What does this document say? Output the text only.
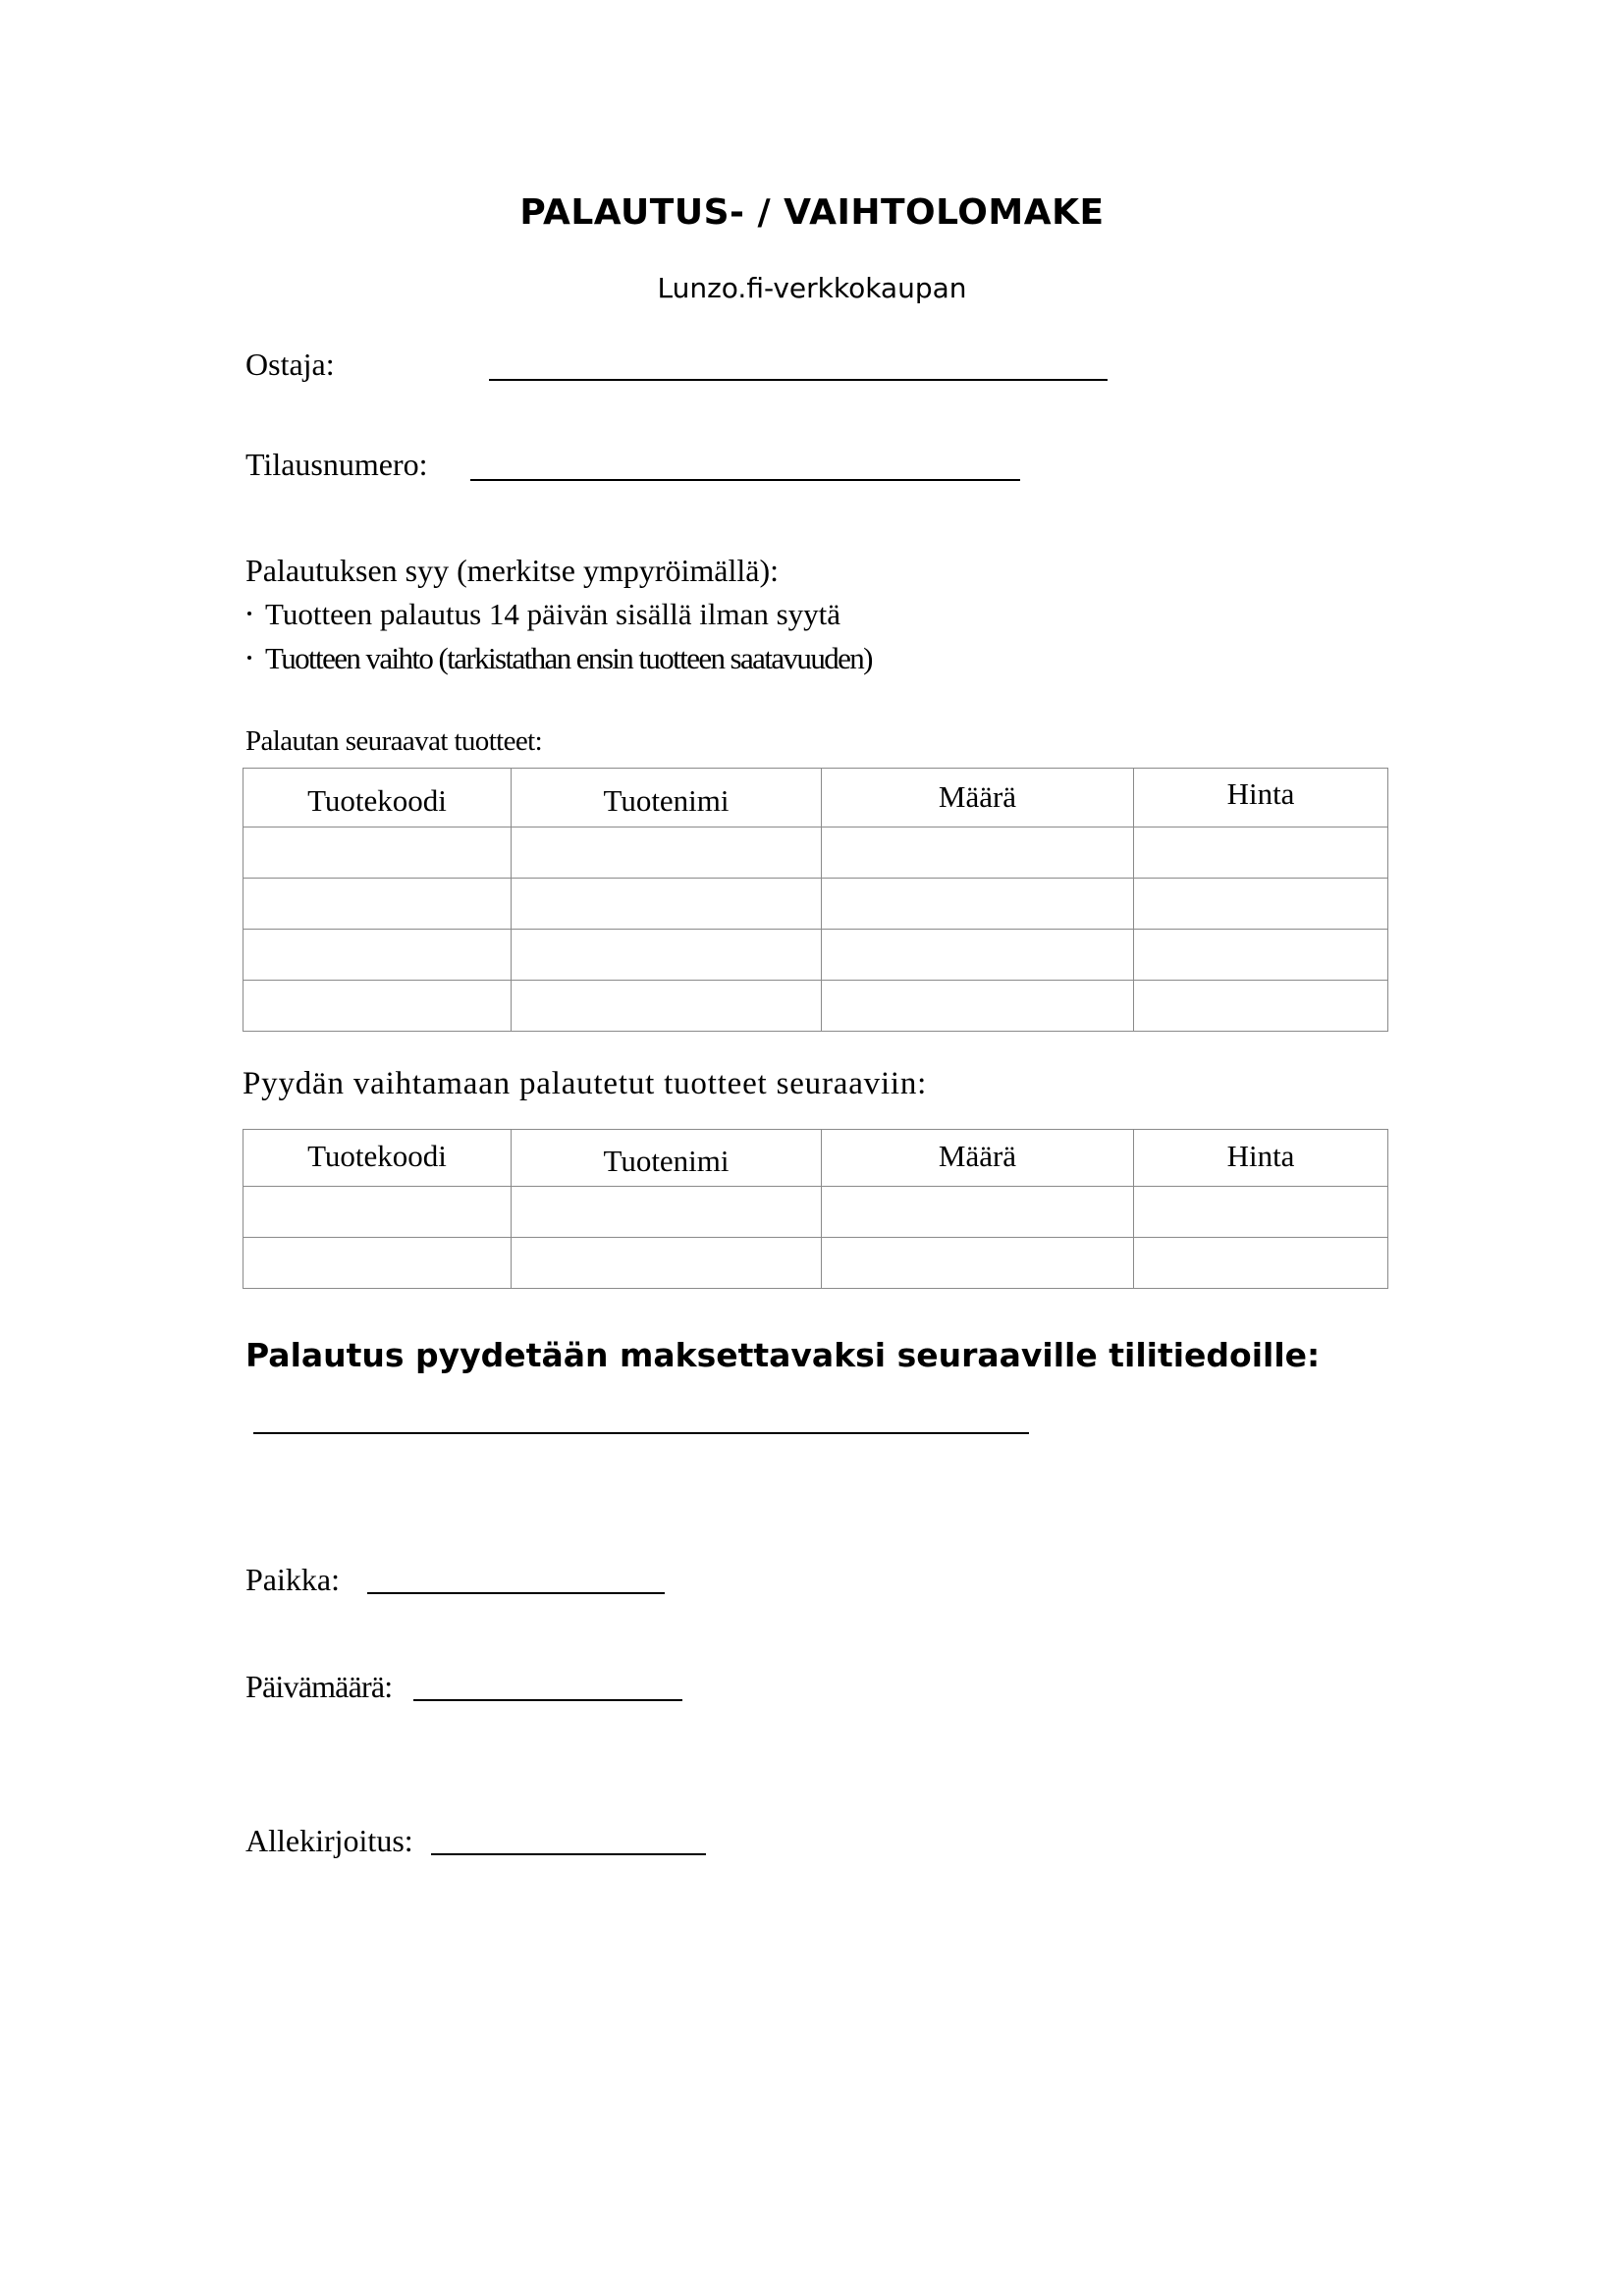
PALAUTUS- / VAIHTOLOMAKE
Lunzo.fi-verkkokaupan
Ostaja:
Tilausnumero:
Palautuksen syy (merkitse ympyröimällä):
Tuotteen palautus 14 päivän sisällä ilman syytä
Tuotteen vaihto (tarkistathan ensin tuotteen saatavuuden)
Palautan seuraavat tuotteet:
Tuotekoodi	Tuotenimi	Määrä	Hinta

Pyydän vaihtamaan palautetut tuotteet seuraaviin:
Tuotekoodi	Tuotenimi	Määrä	Hinta

Palautus pyydetään maksettavaksi seuraaville tilitiedoille:
Paikka:
Päivämäärä:
Allekirjoitus:
